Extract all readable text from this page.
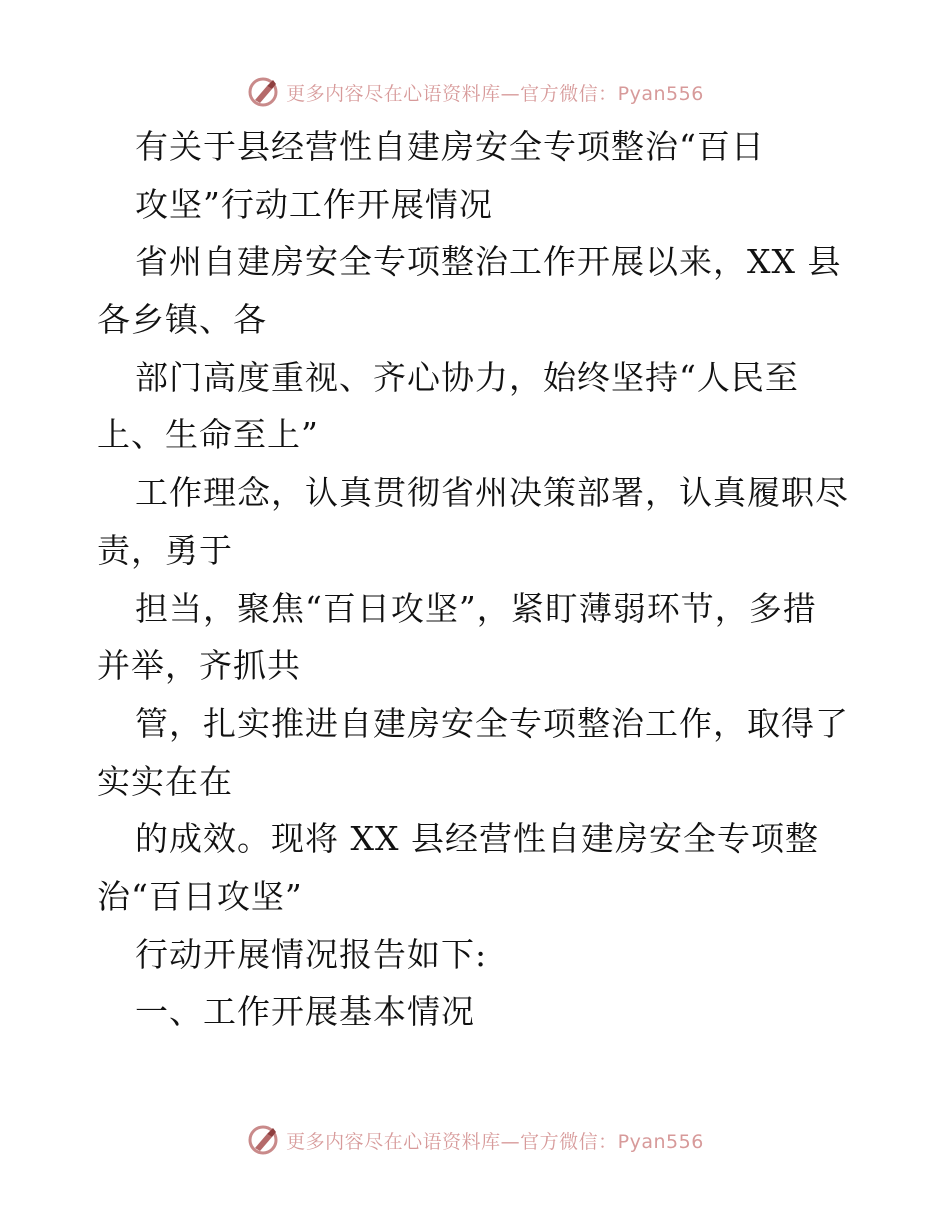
更多内容尽在心语资料库—官方微信：Pyan556
有关于县经营性自建房安全专项整治“百日
攻坚”行动工作开展情况
省州自建房安全专项整治工作开展以来，XX 县
各乡镇、各
部门高度重视、齐心协力，始终坚持“人民至
上、生命至上”
工作理念，认真贯彻省州决策部署，认真履职尽
责，勇于
担当，聚焦“百日攻坚”，紧盯薄弱环节，多措
并举，齐抓共
管，扎实推进自建房安全专项整治工作，取得了
实实在在
的成效。现将 XX 县经营性自建房安全专项整
治“百日攻坚”
行动开展情况报告如下:
一、工作开展基本情况
更多内容尽在心语资料库—官方微信：Pyan556
